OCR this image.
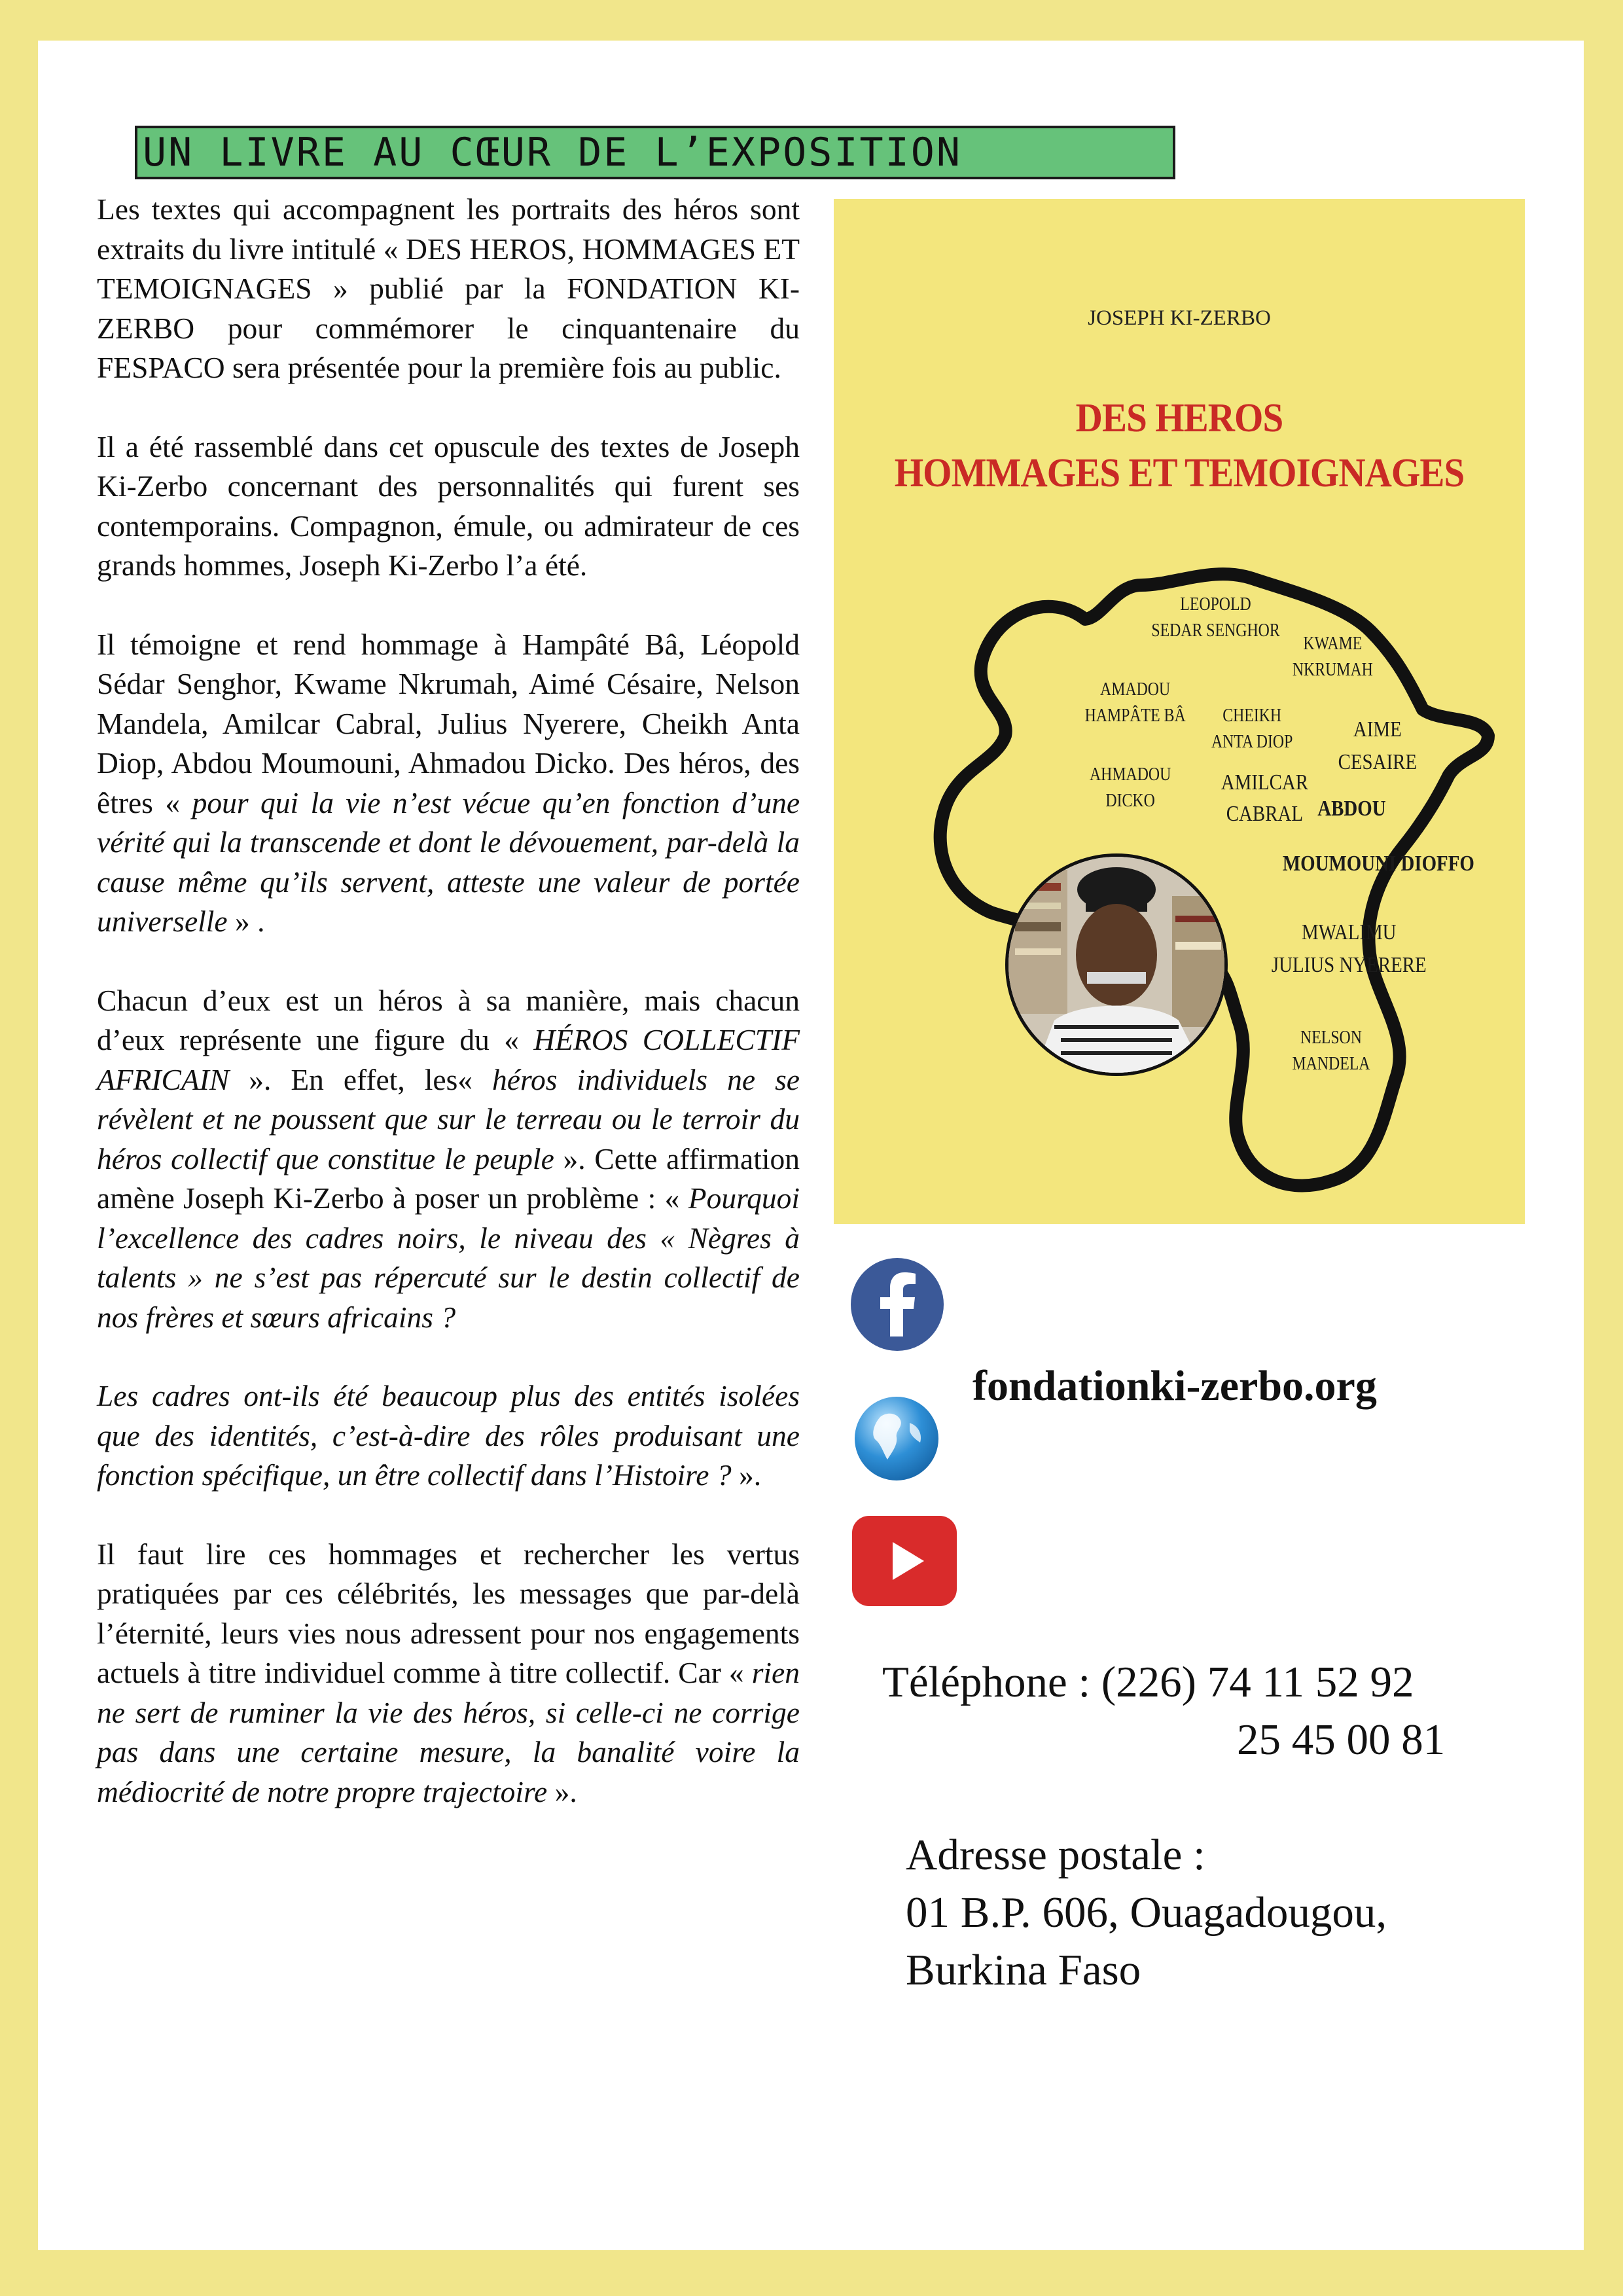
UN LIVRE AU CŒUR DE L’EXPOSITION

Les textes qui accompagnent les portraits des héros sont extraits du livre intitulé « DES HEROS, HOMMAGES ET TEMOIGNAGES » publié par la FONDATION KI-ZERBO pour commémorer le cinquantenaire du FESPACO sera présentée pour la première fois au public.

Il a été rassemblé dans cet opuscule des textes de Joseph Ki-Zerbo concernant des personnalités qui furent ses contemporains. Compagnon, émule, ou admirateur de ces grands hommes, Joseph Ki-Zerbo l’a été.

Il témoigne et rend hommage à Hampâté Bâ, Léopold Sédar Senghor, Kwame Nkrumah, Aimé Césaire, Nelson Mandela, Amilcar Cabral, Julius Nyerere, Cheikh Anta Diop, Abdou Moumouni, Ahmadou Dicko. Des héros, des êtres « pour qui la vie n’est vécue qu’en fonction d’une vérité qui la transcende et dont le dévouement, par-delà la cause même qu’ils servent, atteste une valeur de portée universelle » .

Chacun d’eux est un héros à sa manière, mais chacun d’eux représente une figure du « HÉROS COLLECTIF AFRICAIN ». En effet, les« héros individuels ne se révèlent et ne poussent que sur le terreau ou le terroir du héros collectif que constitue le peuple ». Cette affirmation amène Joseph Ki-Zerbo à poser un problème : « Pourquoi l’excellence des cadres noirs, le niveau des « Nègres à talents » ne s’est pas répercuté sur le destin collectif de nos frères et sœurs africains ?

Les cadres ont-ils été beaucoup plus des entités isolées que des identités, c’est-à-dire des rôles produisant une fonction spécifique, un être collectif dans l’Histoire ? ».

Il faut lire ces hommages et rechercher les vertus pratiquées par ces célébrités, les messages que par-delà l’éternité, leurs vies nous adressent pour nos engagements actuels à titre individuel comme à titre collectif. Car « rien ne sert de ruminer la vie des héros, si celle-ci ne corrige pas dans une certaine mesure, la banalité voire la médiocrité de notre propre trajectoire ».

JOSEPH KI-ZERBO
DES HEROS
HOMMAGES ET TEMOIGNAGES
LEOPOLD
SEDAR SENGHOR
KWAME
NKRUMAH
AMADOU
HAMPÂTE BÂ	CHEIKH
ANTA DIOP
AIME
CESAIRE
AHMADOU
DICKO
AMILCAR
CABRAL ABDOU
MOUMOUNI DIOFFO
MWALIMU
JULIUS NYERERE
NELSON
MANDELA
fondationki-zerbo.org
Téléphone : (226) 74 11 52 92
25 45 00 81
Adresse postale :
01 B.P. 606, Ouagadougou,
Burkina Faso
